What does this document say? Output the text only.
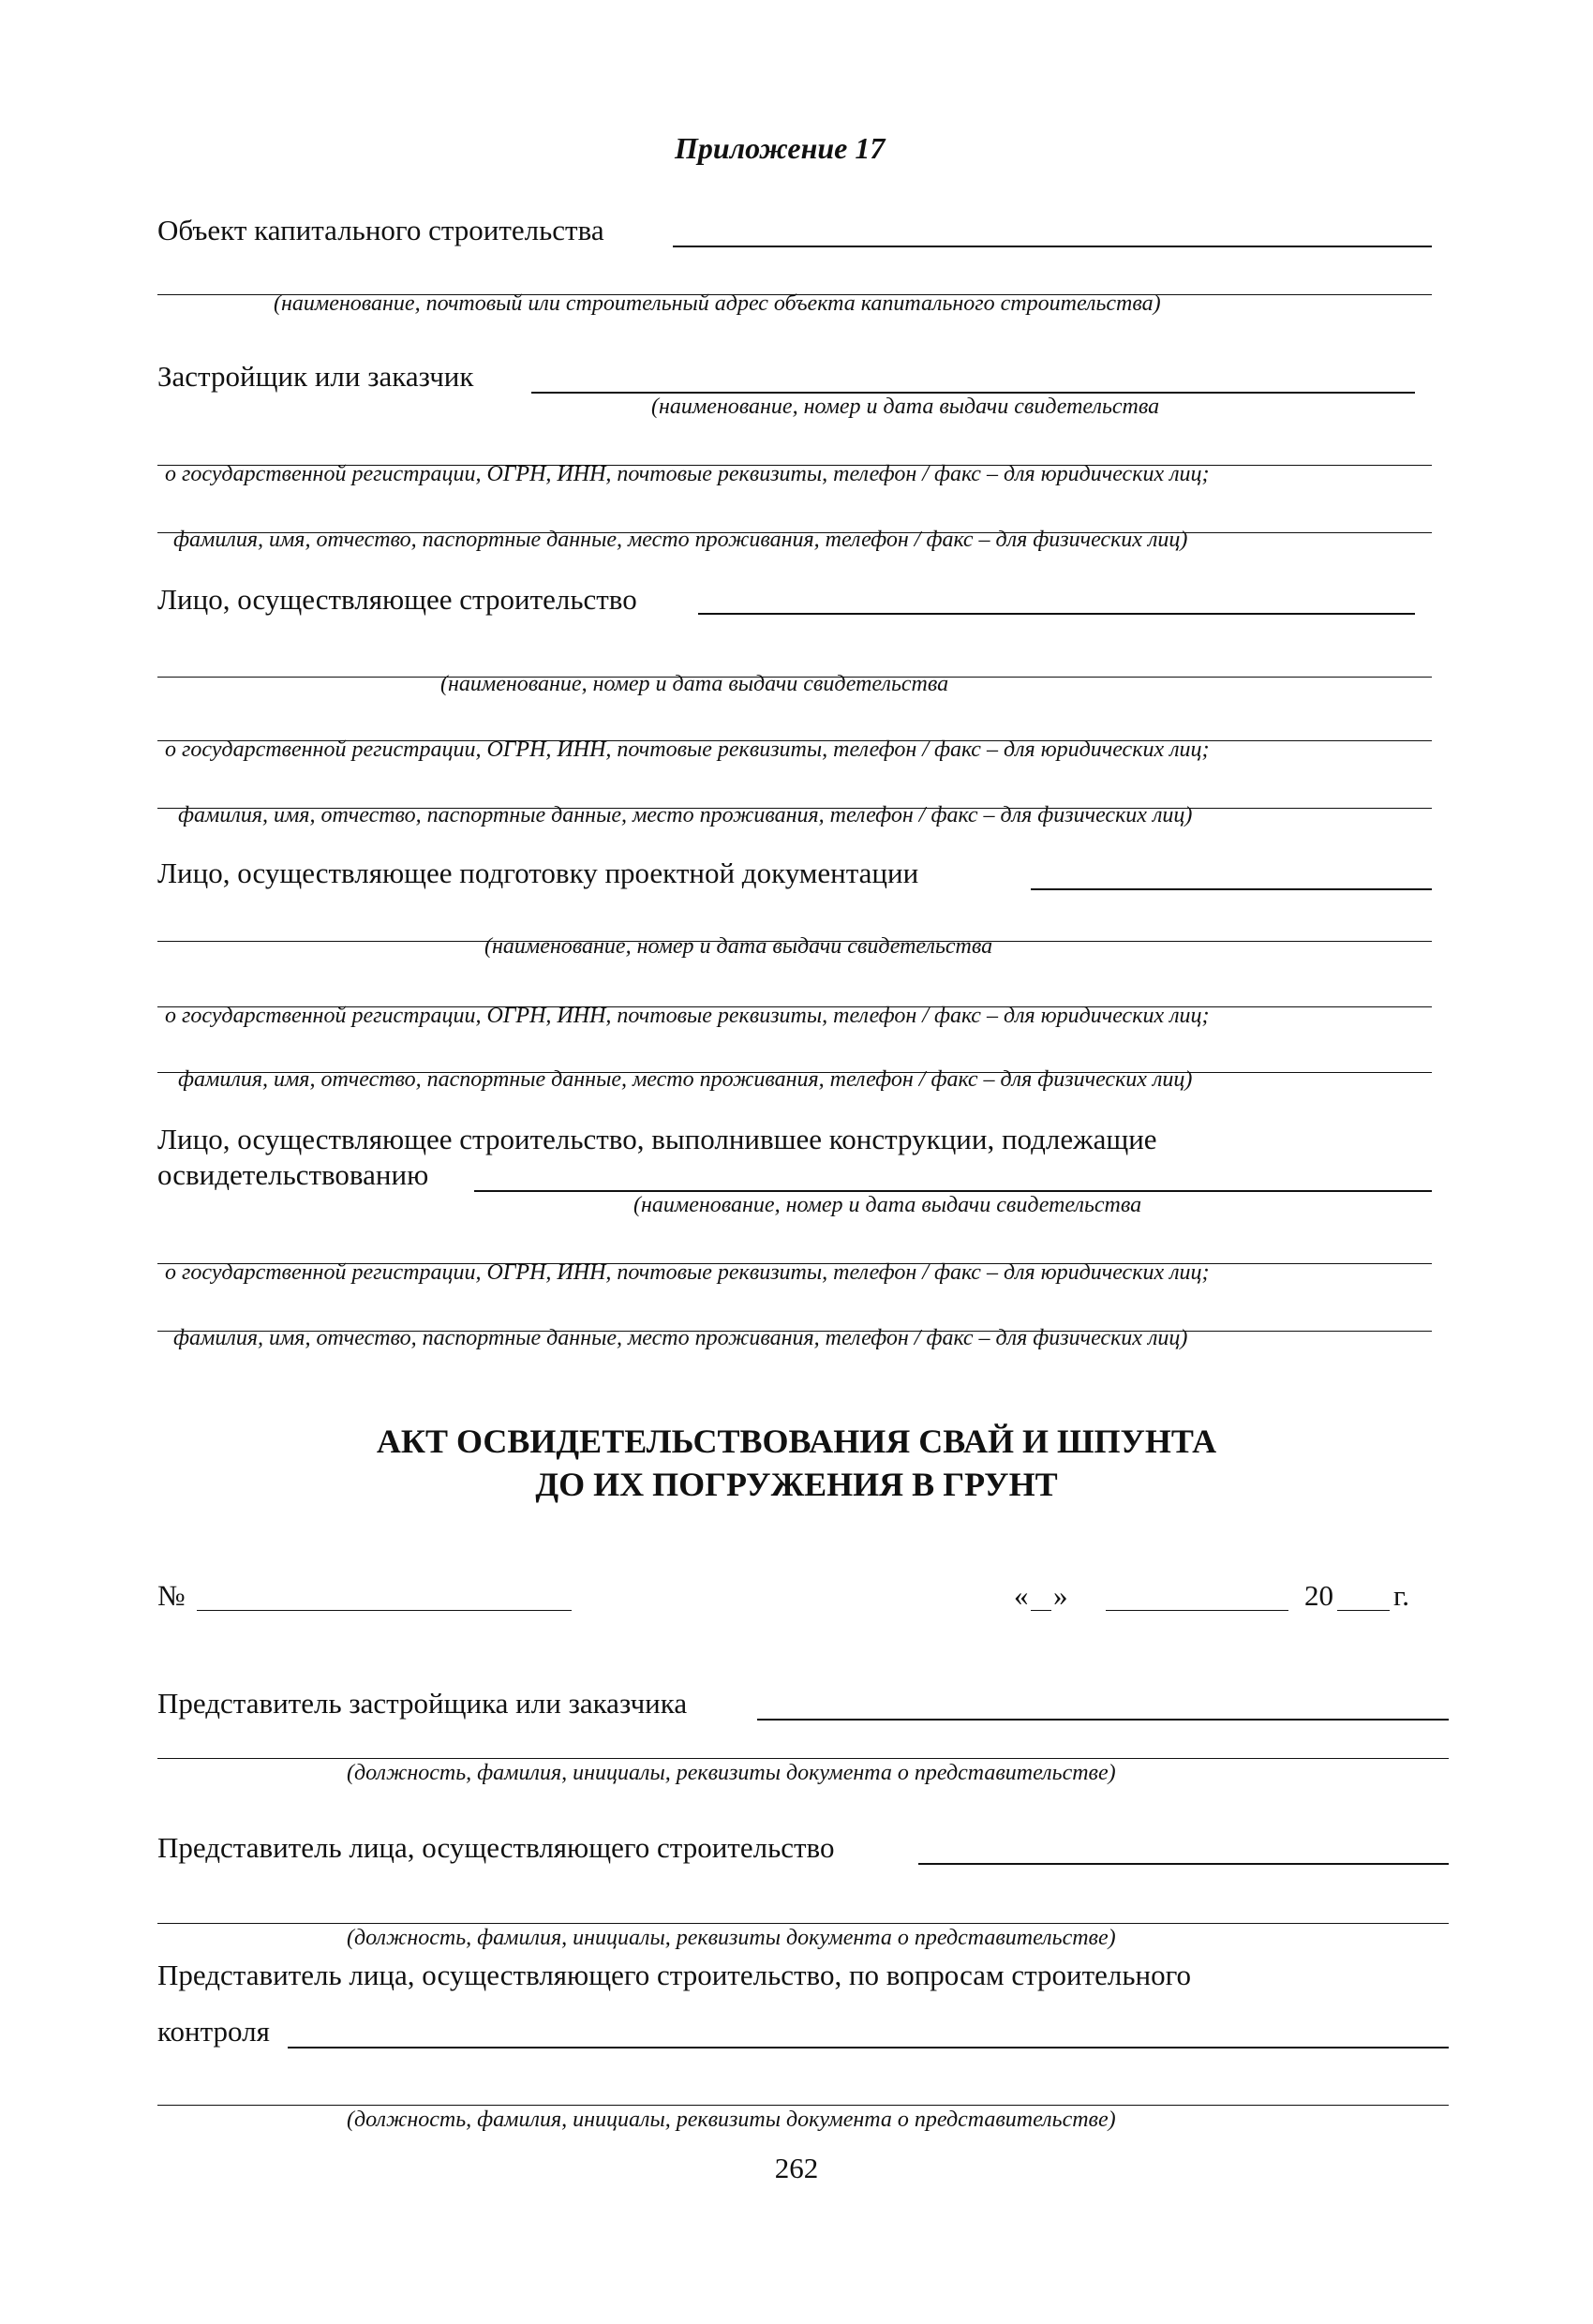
Приложение 17
Объект капитального строительства
(наименование, почтовый или строительный адрес объекта капитального строительства)
Застройщик или заказчик
(наименование, номер и дата выдачи свидетельства
о государственной регистрации, ОГРН, ИНН, почтовые реквизиты, телефон / факс – для юридических лиц;
фамилия, имя, отчество, паспортные данные, место проживания, телефон / факс – для физических лиц)
Лицо, осуществляющее строительство
(наименование, номер и дата выдачи свидетельства
о государственной регистрации, ОГРН, ИНН, почтовые реквизиты, телефон / факс – для юридических лиц;
фамилия, имя, отчество, паспортные данные, место проживания, телефон / факс – для физических лиц)
Лицо, осуществляющее подготовку проектной документации
(наименование, номер и дата выдачи свидетельства
о государственной регистрации, ОГРН, ИНН, почтовые реквизиты, телефон / факс – для юридических лиц;
фамилия, имя, отчество, паспортные данные, место проживания, телефон / факс – для физических лиц)
Лицо, осуществляющее строительство, выполнившее конструкции, подлежащие
освидетельствованию
(наименование, номер и дата выдачи свидетельства
о государственной регистрации, ОГРН, ИНН, почтовые реквизиты, телефон / факс – для юридических лиц;
фамилия, имя, отчество, паспортные данные, место проживания, телефон / факс – для физических лиц)
АКТ ОСВИДЕТЕЛЬСТВОВАНИЯ СВАЙ И ШПУНТА
ДО ИХ ПОГРУЖЕНИЯ В ГРУНТ
№	« »	20 г.
Представитель застройщика или заказчика
(должность, фамилия, инициалы, реквизиты документа о представительстве)
Представитель лица, осуществляющего строительство
(должность, фамилия, инициалы, реквизиты документа о представительстве)
Представитель лица, осуществляющего строительство, по вопросам строительного
контроля
(должность, фамилия, инициалы, реквизиты документа о представительстве)
262
